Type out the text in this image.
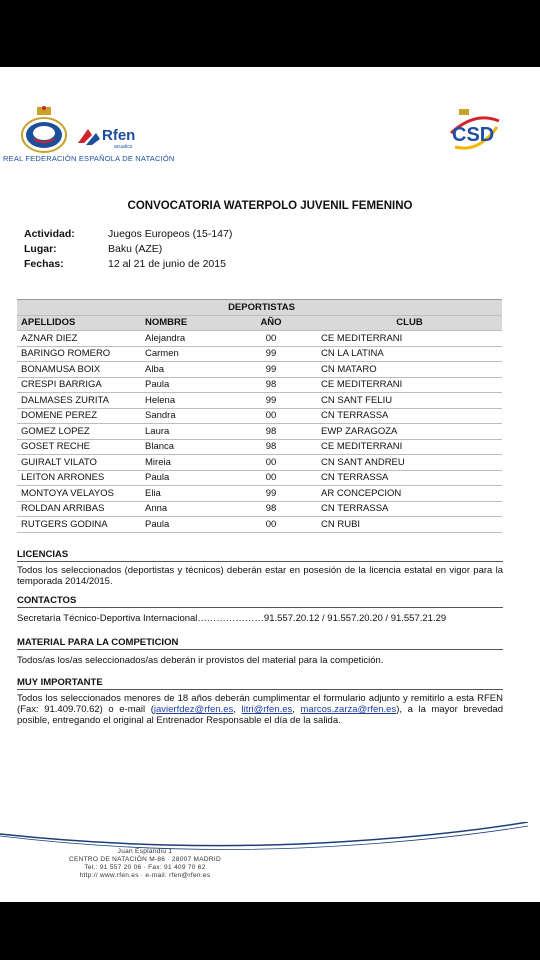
Rfen
acuatics
REAL FEDERACIÓN ESPAÑOLA DE NATACIÓN
CSD
CONVOCATORIA WATERPOLO JUVENIL FEMENINO
Actividad:	Juegos Europeos (15-147)
Lugar:	Baku (AZE)
Fechas:	12 al 21 de junio de 2015
DEPORTISTAS			
APELLIDOS	NOMBRE	AÑO	CLUB
AZNAR DIEZ	Alejandra	00	CE MEDITERRANI
BARINGO ROMERO	Carmen	99	CN LA LATINA
BONAMUSA BOIX	Alba	99	CN MATARO
CRESPI BARRIGA	Paula	98	CE MEDITERRANI
DALMASES ZURITA	Helena	99	CN SANT FELIU
DOMENE PEREZ	Sandra	00	CN TERRASSA
GOMEZ LOPEZ	Laura	98	EWP ZARAGOZA
GOSET RECHE	Blanca	98	CE MEDITERRANI
GUIRALT VILATO	Mireia	00	CN SANT ANDREU
LEITON ARRONES	Paula	00	CN TERRASSA
MONTOYA VELAYOS	Elia	99	AR CONCEPCION
ROLDAN ARRIBAS	Anna	98	CN TERRASSA
RUTGERS GODINA	Paula	00	CN RUBI
LICENCIAS

Todos los seleccionados (deportistas y técnicos) deberán estar en posesión de la licencia estatal en vigor para la temporada 2014/2015.

CONTACTOS

Secretaría Técnico-Deportiva Internacional…………………91.557.20.12 / 91.557.20.20 / 91.557.21.29

MATERIAL PARA LA COMPETICION

Todos/as los/as seleccionados/as deberán ir provistos del material para la competición.

MUY IMPORTANTE

Todos los seleccionados menores de 18 años deberán cumplimentar el formulario adjunto y remitirlo a esta RFEN (Fax: 91.409.70.62) o e-mail (javierfdez@rfen.es, litri@rfen.es, marcos.zarza@rfen.es), a la mayor brevedad posible, entregando el original al Entrenador Responsable el día de la salida.

Juan Esplandiu 1
CENTRO DE NATACIÓN M-86 · 28007 MADRID
Tel.: 91 557 20 06 · Fax: 91 409 70 62
http:// www.rfen.es · e-mail: rfen@rfen.es
